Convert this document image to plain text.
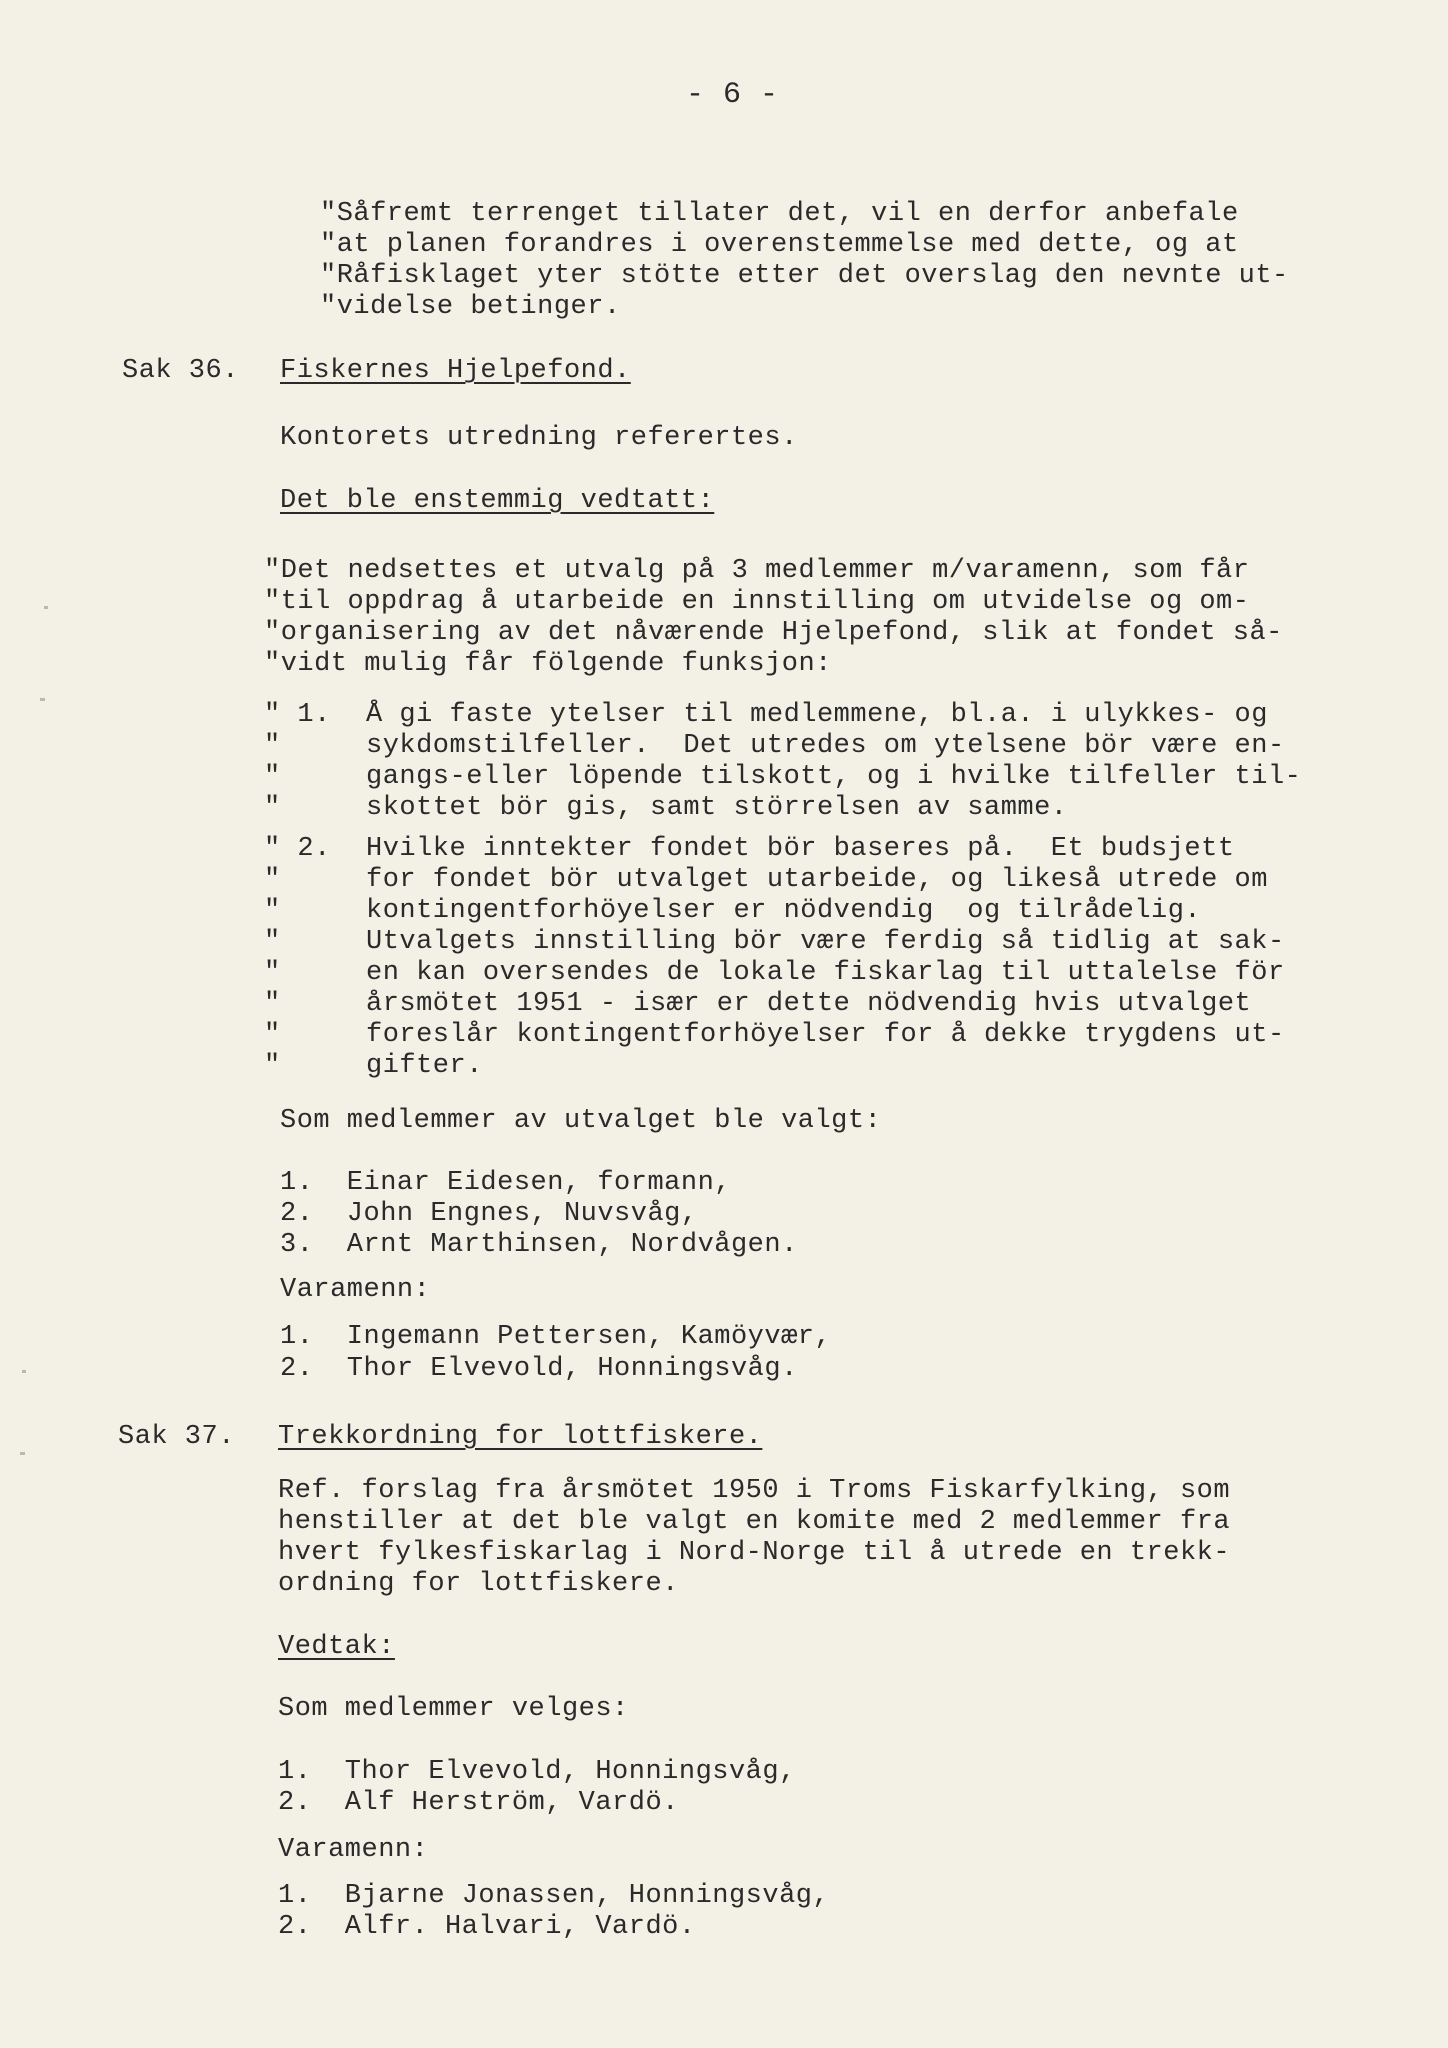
- 6 -
"Såfremt terrenget tillater det, vil en derfor anbefale
"at planen forandres i overenstemmelse med dette, og at
"Råfisklaget yter stötte etter det overslag den nevnte ut-
"videlse betinger.
Sak 36. Fiskernes Hjelpefond.
Kontorets utredning referertes.
Det ble enstemmig vedtatt:
"Det nedsettes et utvalg på 3 medlemmer m/varamenn, som får
"til oppdrag å utarbeide en innstilling om utvidelse og om-
"organisering av det nåværende Hjelpefond, slik at fondet så-
"vidt mulig får fölgende funksjon:
" 1.
"
"
"
Å gi faste ytelser til medlemmene, bl.a. i ulykkes- og
sykdomstilfeller.  Det utredes om ytelsene bör være en-
gangs-eller löpende tilskott, og i hvilke tilfeller til-
skottet bör gis, samt störrelsen av samme.
" 2.
"
"
"
"
"
"
"
Hvilke inntekter fondet bör baseres på.  Et budsjett
for fondet bör utvalget utarbeide, og likeså utrede om
kontingentforhöyelser er nödvendig  og tilrådelig.
Utvalgets innstilling bör være ferdig så tidlig at sak-
en kan oversendes de lokale fiskarlag til uttalelse för
årsmötet 1951 - især er dette nödvendig hvis utvalget
foreslår kontingentforhöyelser for å dekke trygdens ut-
gifter.
Som medlemmer av utvalget ble valgt:
1.  Einar Eidesen, formann,
2.  John Engnes, Nuvsvåg,
3.  Arnt Marthinsen, Nordvågen.
Varamenn:
1.  Ingemann Pettersen, Kamöyvær,
2.  Thor Elvevold, Honningsvåg.
Sak 37. Trekkordning for lottfiskere.
Ref. forslag fra årsmötet 1950 i Troms Fiskarfylking, som
henstiller at det ble valgt en komite med 2 medlemmer fra
hvert fylkesfiskarlag i Nord-Norge til å utrede en trekk-
ordning for lottfiskere.
Vedtak:
Som medlemmer velges:
1.  Thor Elvevold, Honningsvåg,
2.  Alf Herström, Vardö.
Varamenn:
1.  Bjarne Jonassen, Honningsvåg,
2.  Alfr. Halvari, Vardö.
